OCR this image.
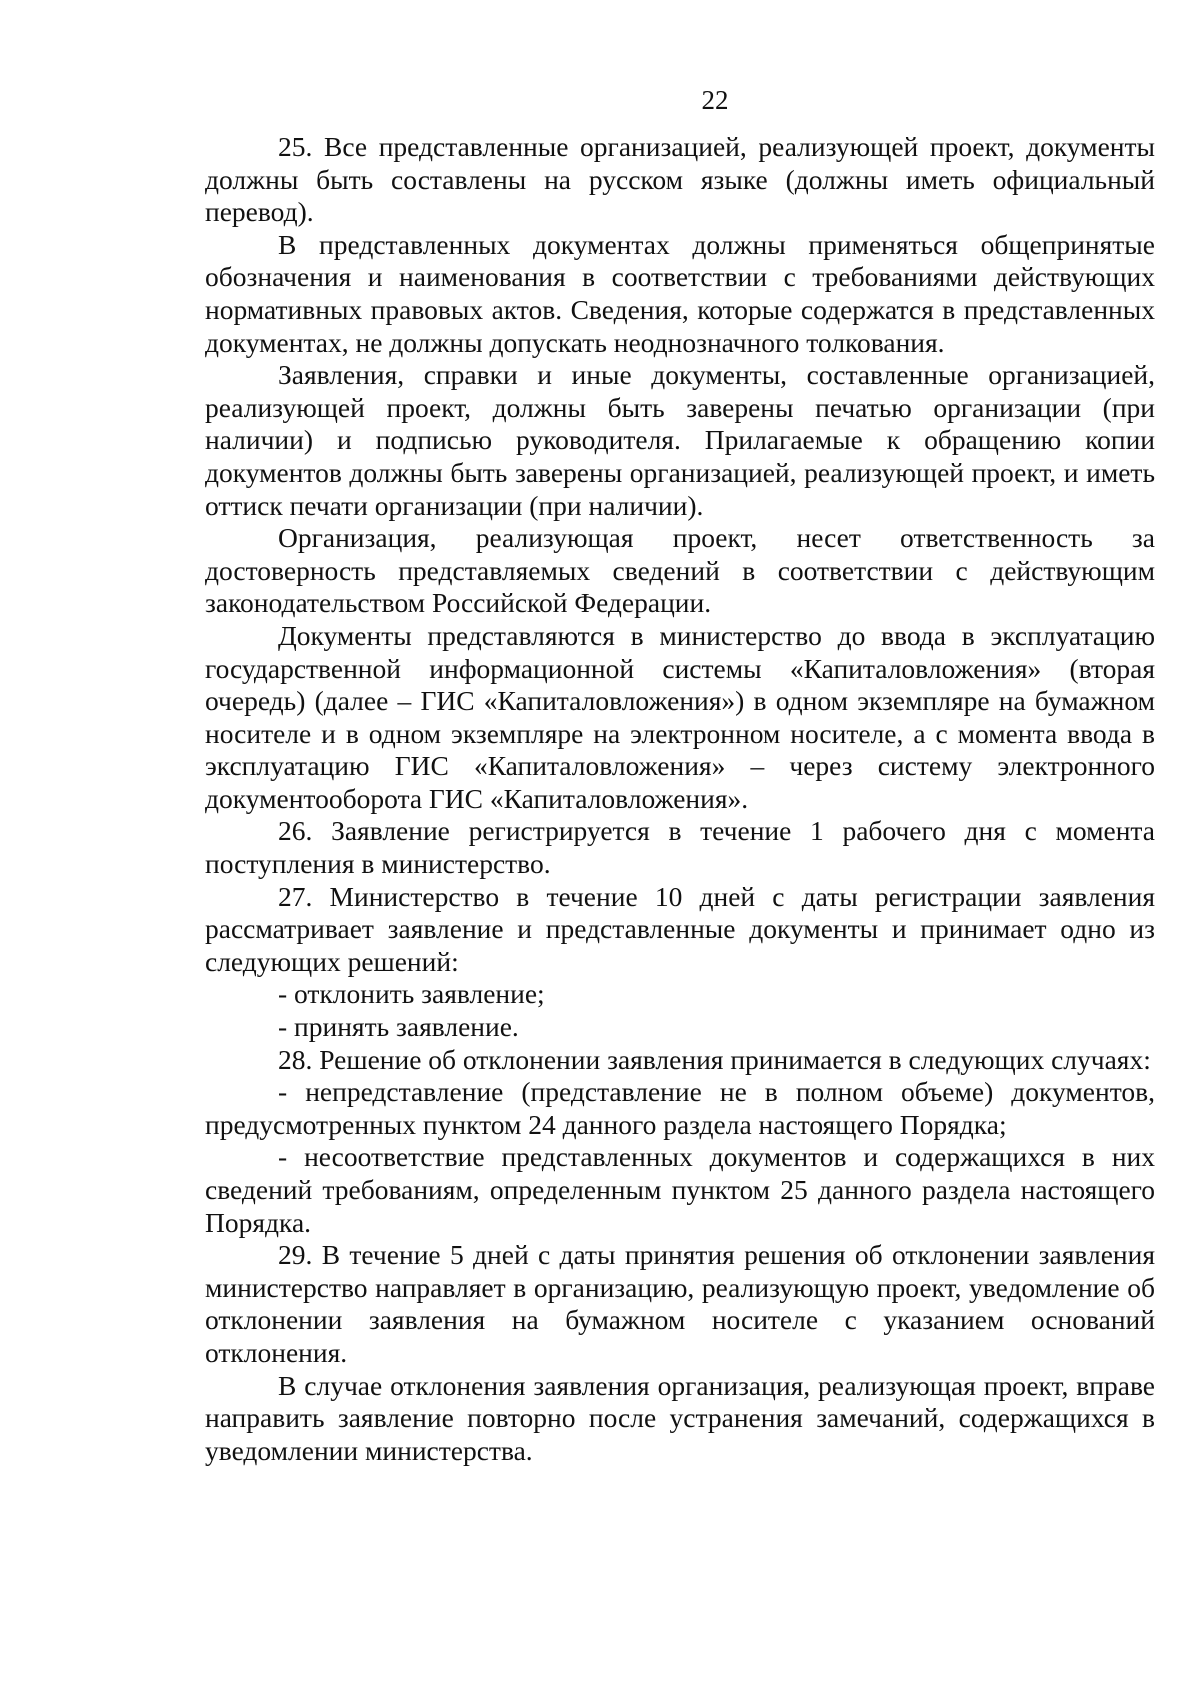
22

25. Все представленные организацией, реализующей проект, документы должны быть составлены на русском языке (должны иметь официальный перевод).

В представленных документах должны применяться общепринятые обозначения и наименования в соответствии с требованиями действующих нормативных правовых актов. Сведения, которые содержатся в представленных документах, не должны допускать неоднозначного толкования.

Заявления, справки и иные документы, составленные организацией, реализующей проект, должны быть заверены печатью организации (при наличии) и подписью руководителя. Прилагаемые к обращению копии документов должны быть заверены организацией, реализующей проект, и иметь оттиск печати организации (при наличии).

Организация, реализующая проект, несет ответственность за достоверность представляемых сведений в соответствии с действующим законодательством Российской Федерации.

Документы представляются в министерство до ввода в эксплуатацию государственной информационной системы «Капиталовложения» (вторая очередь) (далее – ГИС «Капиталовложения») в одном экземпляре на бумажном носителе и в одном экземпляре на электронном носителе, а с момента ввода в эксплуатацию ГИС «Капиталовложения» – через систему электронного документооборота ГИС «Капиталовложения».

26. Заявление регистрируется в течение 1 рабочего дня с момента поступления в министерство.

27. Министерство в течение 10 дней с даты регистрации заявления рассматривает заявление и представленные документы и принимает одно из следующих решений:

- отклонить заявление;

- принять заявление.

28. Решение об отклонении заявления принимается в следующих случаях:

- непредставление (представление не в полном объеме) документов, предусмотренных пунктом 24 данного раздела настоящего Порядка;

- несоответствие представленных документов и содержащихся в них сведений требованиям, определенным пунктом 25 данного раздела настоящего Порядка.

29. В течение 5 дней с даты принятия решения об отклонении заявления министерство направляет в организацию, реализующую проект, уведомление об отклонении заявления на бумажном носителе с указанием оснований отклонения.

В случае отклонения заявления организация, реализующая проект, вправе направить заявление повторно после устранения замечаний, содержащихся в уведомлении министерства.
